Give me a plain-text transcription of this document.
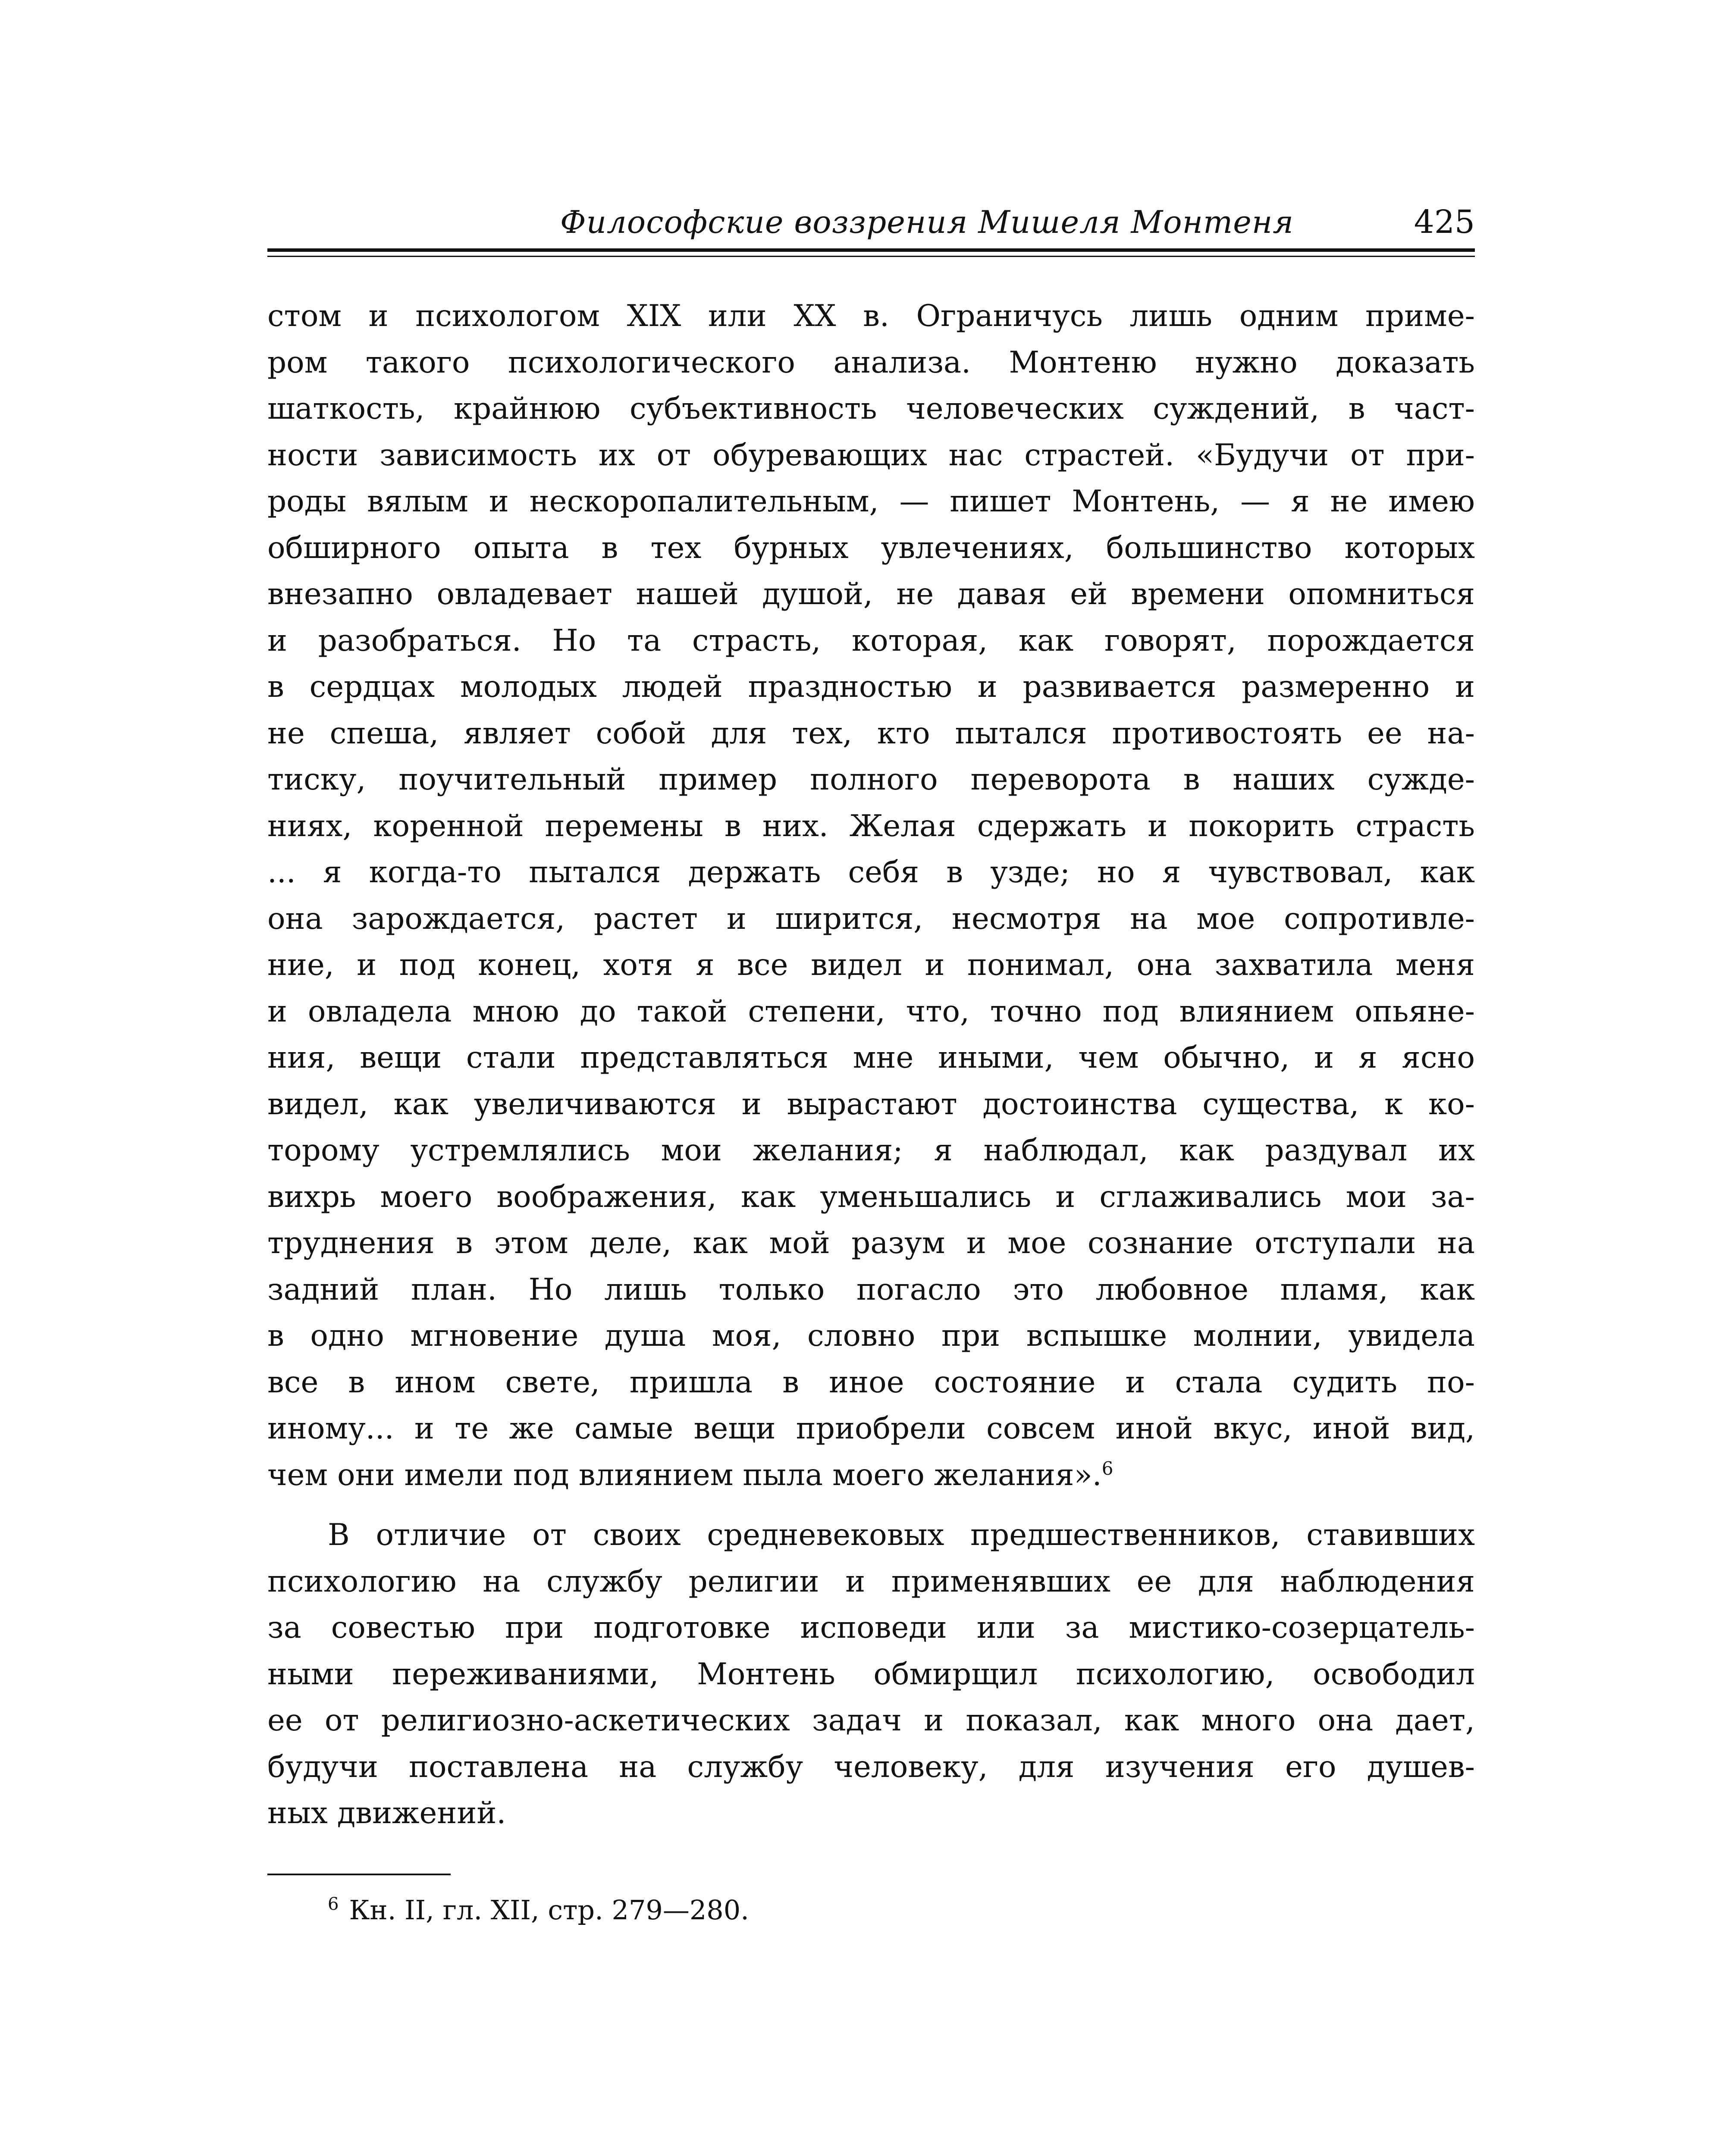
Философские воззрения Мишеля Монтеня	425
стом и психологом XIX или XX в. Ограничусь лишь одним приме-
ром такого психологического анализа. Монтеню нужно доказать
шаткость, крайнюю субъективность человеческих суждений, в част-
ности зависимость их от обуревающих нас страстей. «Будучи от при-
роды вялым и нескоропалительным, — пишет Монтень, — я не имею
обширного опыта в тех бурных увлечениях, большинство которых
внезапно овладевает нашей душой, не давая ей времени опомниться
и разобраться. Но та страсть, которая, как говорят, порождается
в сердцах молодых людей праздностью и развивается размеренно и
не спеша, являет собой для тех, кто пытался противостоять ее на-
тиску, поучительный пример полного переворота в наших сужде-
ниях, коренной перемены в них. Желая сдержать и покорить страсть
... я когда-то пытался держать себя в узде; но я чувствовал, как
она зарождается, растет и ширится, несмотря на мое сопротивле-
ние, и под конец, хотя я все видел и понимал, она захватила меня
и овладела мною до такой степени, что, точно под влиянием опьяне-
ния, вещи стали представляться мне иными, чем обычно, и я ясно
видел, как увеличиваются и вырастают достоинства существа, к ко-
торому устремлялись мои желания; я наблюдал, как раздувал их
вихрь моего воображения, как уменьшались и сглаживались мои за-
труднения в этом деле, как мой разум и мое сознание отступали на
задний план. Но лишь только погасло это любовное пламя, как
в одно мгновение душа моя, словно при вспышке молнии, увидела
все в ином свете, пришла в иное состояние и стала судить по-
иному... и те же самые вещи приобрели совсем иной вкус, иной вид,
чем они имели под влиянием пыла моего желания».$^6$
В отличие от своих средневековых предшественников, ставивших
психологию на службу религии и применявших ее для наблюдения
за совестью при подготовке исповеди или за мистико-созерцатель-
ными переживаниями, Монтень обмирщил психологию, освободил
ее от религиозно-аскетических задач и показал, как много она дает,
будучи поставлена на службу человеку, для изучения его душев-
ных движений.
$^6$ Кн. II, гл. XII, стр. 279—280.
